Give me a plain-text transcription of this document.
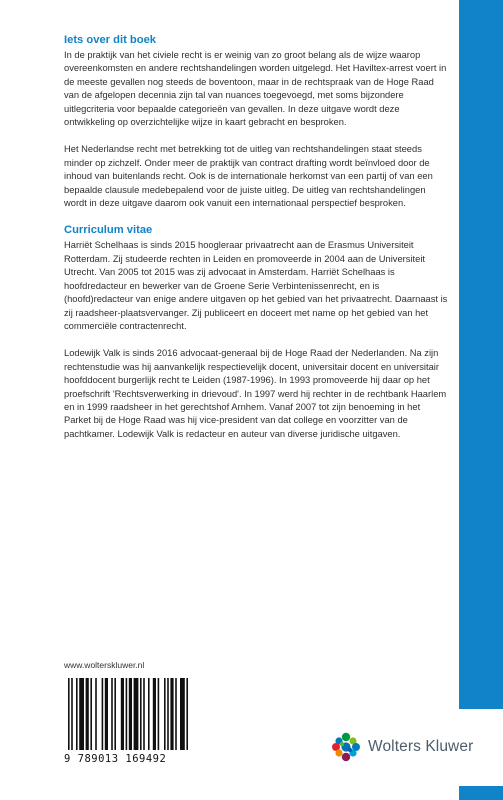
Iets over dit boek

In de praktijk van het civiele recht is er weinig van zo groot belang als de wijze waarop overeenkomsten en andere rechtshandelingen worden uitgelegd. Het Haviltex-arrest voert in de meeste gevallen nog steeds de boventoon, maar in de rechtspraak van de Hoge Raad van de afgelopen decennia zijn tal van nuances toegevoegd, met soms bijzondere uitlegcriteria voor bepaalde categorieën van gevallen. In deze uitgave wordt deze ontwikkeling op overzichtelijke wijze in kaart gebracht en besproken.

Het Nederlandse recht met betrekking tot de uitleg van rechtshandelingen staat steeds minder op zichzelf. Onder meer de praktijk van contract drafting wordt beïnvloed door de inhoud van buitenlands recht. Ook is de internationale herkomst van een partij of van een bepaalde clausule medebepalend voor de juiste uitleg. De uitleg van rechtshandelingen wordt in deze uitgave daarom ook vanuit een internationaal perspectief besproken.

Curriculum vitae

Harriët Schelhaas is sinds 2015 hoogleraar privaatrecht aan de Erasmus Universiteit Rotterdam. Zij studeerde rechten in Leiden en promoveerde in 2004 aan de Universiteit Utrecht. Van 2005 tot 2015 was zij advocaat in Amsterdam. Harriët Schelhaas is hoofdredacteur en bewerker van de Groene Serie Verbintenissenrecht, en is (hoofd)redacteur van enige andere uitgaven op het gebied van het privaatrecht. Daarnaast is zij raadsheer-plaatsvervanger. Zij publiceert en doceert met name op het gebied van het commerciële contractenrecht.

Lodewijk Valk is sinds 2016 advocaat-generaal bij de Hoge Raad der Nederlanden. Na zijn rechtenstudie was hij aanvankelijk respectievelijk docent, universitair docent en universitair hoofddocent burgerlijk recht te Leiden (1987-1996). In 1993 promoveerde hij daar op het proefschrift 'Rechtsverwerking in drievoud'. In 1997 werd hij rechter in de rechtbank Haarlem en in 1999 raadsheer in het gerechtshof Arnhem. Vanaf 2007 tot zijn benoeming in het Parket bij de Hoge Raad was hij vice-president van dat college en voorzitter van de pachtkamer. Lodewijk Valk is redacteur en auteur van diverse juridische uitgaven.

www.wolterskluwer.nl
9 789013 169492
Wolters Kluwer
